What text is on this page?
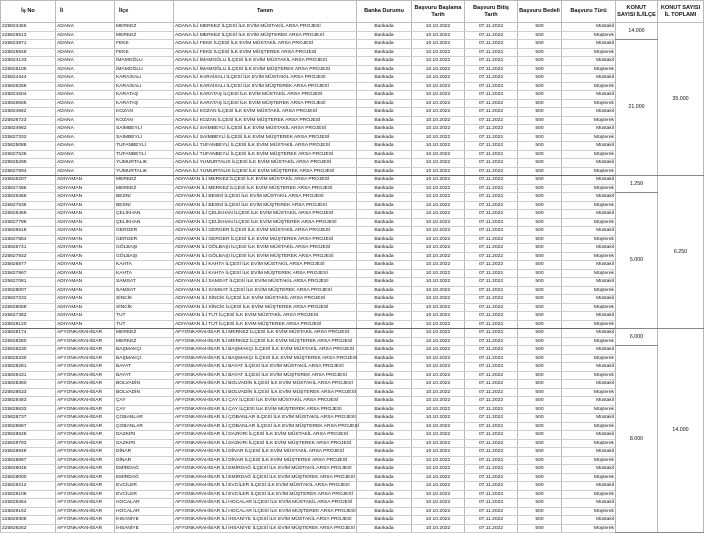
İş No	İl	İlçe	Tanım	Banka Durumu	Başvuru Başlama Tarih	Başvuru Bitiş Tarih	Başvuru Bedeli	Başvuru Türü	KONUT SAYISI İL/İLÇE	KONUT SAYISI İL TOPLAMI
225823456	ADANA	MERKEZ	ADANA İLİ MERKEZ İLÇESİ İLK EVİM MÜSTAKİL ARSA PROJESİ	Bankada	10.10.2022	07.11.2022	500	Müstakil	14.000	35.000
225825513	ADANA	MERKEZ	ADANA İLİ MERKEZ İLÇESİ İLK EVİM MÜŞTEREK ARSA PROJESİ	Bankada	10.10.2022	07.11.2022	500	Müşterek		
225823971	ADANA	FEKE	ADANA İLİ FEKE İLÇESİ İLK EVİM MÜSTAKİL ARSA PROJESİ	Bankada	10.10.2022	07.11.2022	500	Müstakil	21.000	
225825949	ADANA	FEKE	ADANA İLİ FEKE İLÇESİ İLK EVİM MÜŞTEREK ARSA PROJESİ	Bankada	10.10.2022	07.11.2022	500	Müşterek		
225824133	ADANA	İMAMOĞLU	ADANA İLİ İMAMOĞLU İLÇESİ İLK EVİM MÜSTAKİL ARSA PROJESİ	Bankada	10.10.2022	07.11.2022	500	Müstakil		
225826105	ADANA	İMAMOĞLU	ADANA İLİ İMAMOĞLU İLÇESİ İLK EVİM MÜŞTEREK ARSA PROJESİ	Bankada	10.10.2022	07.11.2022	500	Müşterek		
225824344	ADANA	KARAİSALI	ADANA İLİ KARAİSALI İLÇESİ İLK EVİM MÜSTAKİL ARSA PROJESİ	Bankada	10.10.2022	07.11.2022	500	Müstakil		
225826259	ADANA	KARAİSALI	ADANA İLİ KARAİSALI İLÇESİ İLK EVİM MÜŞTEREK ARSA PROJESİ	Bankada	10.10.2022	07.11.2022	500	Müşterek		
225824504	ADANA	KARATAŞ	ADANA İLİ KARATAŞ İLÇESİ İLK EVİM MÜSTAKİL ARSA PROJESİ	Bankada	10.10.2022	07.11.2022	500	Müstakil		
225826565	ADANA	KARATAŞ	ADANA İLİ KARATAŞ İLÇESİ İLK EVİM MÜŞTEREK ARSA PROJESİ	Bankada	10.10.2022	07.11.2022	500	Müşterek		
225824662	ADANA	KOZAN	ADANA İLİ KOZAN İLÇESİ İLK EVİM MÜSTAKİL ARSA PROJESİ	Bankada	10.10.2022	07.11.2022	500	Müstakil		
225826723	ADANA	KOZAN	ADANA İLİ KOZAN İLÇESİ İLK EVİM MÜŞTEREK ARSA PROJESİ	Bankada	10.10.2022	07.11.2022	500	Müşterek		
225824982	ADANA	SAİMBEYLİ	ADANA İLİ SAİMBEYLİ İLÇESİ İLK EVİM MÜSTAKİL ARSA PROJESİ	Bankada	10.10.2022	07.11.2022	500	Müstakil		
225827332	ADANA	SAİMBEYLİ	ADANA İLİ SAİMBEYLİ İLÇESİ İLK EVİM MÜŞTEREK ARSA PROJESİ	Bankada	10.10.2022	07.11.2022	500	Müşterek		
225825088	ADANA	TUFANBEYLİ	ADANA İLİ TUFANBEYLİ İLÇESİ İLK EVİM MÜSTAKİL ARSA PROJESİ	Bankada	10.10.2022	07.11.2022	500	Müstakil		
225827536	ADANA	TUFANBEYLİ	ADANA İLİ TUFANBEYLİ İLÇESİ İLK EVİM MÜŞTEREK ARSA PROJESİ	Bankada	10.10.2022	07.11.2022	500	Müşterek		
225825299	ADANA	YUMURTALIK	ADANA İLİ YUMURTALIK İLÇESİ İLK EVİM MÜSTAKİL ARSA PROJESİ	Bankada	10.10.2022	07.11.2022	500	Müstakil		
225827694	ADANA	YUMURTALIK	ADANA İLİ YUMURTALIK İLÇESİ İLK EVİM MÜŞTEREK ARSA PROJESİ	Bankada	10.10.2022	07.11.2022	500	Müşterek		
225826207	ADIYAMAN	MERKEZ	ADIYAMAN İLİ MERKEZ İLÇESİ İLK EVİM MÜSTAKİL ARSA PROJESİ	Bankada	10.10.2022	07.11.2022	500	Müstakil	1.250	6.250
225827486	ADIYAMAN	MERKEZ	ADIYAMAN İLİ MERKEZ İLÇESİ İLK EVİM MÜŞTEREK ARSA PROJESİ	Bankada	10.10.2022	07.11.2022	500	Müşterek		
225826368	ADIYAMAN	BESNİ	ADIYAMAN İLİ BESNİ İLÇESİ İLK EVİM MÜSTAKİL ARSA PROJESİ	Bankada	10.10.2022	07.11.2022	500	Müstakil	5.000	
225827636	ADIYAMAN	BESNİ	ADIYAMAN İLİ BESNİ İLÇESİ İLK EVİM MÜŞTEREK ARSA PROJESİ	Bankada	10.10.2022	07.11.2022	500	Müşterek		
225826459	ADIYAMAN	ÇELİKHAN	ADIYAMAN İLİ ÇELİKHAN İLÇESİ İLK EVİM MÜSTAKİL ARSA PROJESİ	Bankada	10.10.2022	07.11.2022	500	Müstakil		
225827799	ADIYAMAN	ÇELİKHAN	ADIYAMAN İLİ ÇELİKHAN İLÇESİ İLK EVİM MÜŞTEREK ARSA PROJESİ	Bankada	10.10.2022	07.11.2022	500	Müşterek		
225826618	ADIYAMAN	GERGER	ADIYAMAN İLİ GERGER İLÇESİ İLK EVİM MÜSTAKİL ARSA PROJESİ	Bankada	10.10.2022	07.11.2022	500	Müstakil		
225827854	ADIYAMAN	GERGER	ADIYAMAN İLİ GERGER İLÇESİ İLK EVİM MÜŞTEREK ARSA PROJESİ	Bankada	10.10.2022	07.11.2022	500	Müşterek		
225826741	ADIYAMAN	GÖLBAŞI	ADIYAMAN İLİ GÖLBAŞI İLÇESİ İLK EVİM MÜSTAKİL ARSA PROJESİ	Bankada	10.10.2022	07.11.2022	500	Müstakil		
225827932	ADIYAMAN	GÖLBAŞI	ADIYAMAN İLİ GÖLBAŞI İLÇESİ İLK EVİM MÜŞTEREK ARSA PROJESİ	Bankada	10.10.2022	07.11.2022	500	Müşterek		
225826877	ADIYAMAN	KAHTA	ADIYAMAN İLİ KAHTA İLÇESİ İLK EVİM MÜSTAKİL ARSA PROJESİ	Bankada	10.10.2022	07.11.2022	500	Müstakil		
225827967	ADIYAMAN	KAHTA	ADIYAMAN İLİ KAHTA İLÇESİ İLK EVİM MÜŞTEREK ARSA PROJESİ	Bankada	10.10.2022	07.11.2022	500	Müşterek		
225827081	ADIYAMAN	SAMSAT	ADIYAMAN İLİ SAMSAT İLÇESİ İLK EVİM MÜSTAKİL ARSA PROJESİ	Bankada	10.10.2022	07.11.2022	500	Müstakil		
225828007	ADIYAMAN	SAMSAT	ADIYAMAN İLİ SAMSAT İLÇESİ İLK EVİM MÜŞTEREK ARSA PROJESİ	Bankada	10.10.2022	07.11.2022	500	Müşterek		
225827232	ADIYAMAN	SİNCİK	ADIYAMAN İLİ SİNCİK İLÇESİ İLK EVİM MÜSTAKİL ARSA PROJESİ	Bankada	10.10.2022	07.11.2022	500	Müstakil		
225828069	ADIYAMAN	SİNCİK	ADIYAMAN İLİ SİNCİK İLÇESİ İLK EVİM MÜŞTEREK ARSA PROJESİ	Bankada	10.10.2022	07.11.2022	500	Müşterek		
225827382	ADIYAMAN	TUT	ADIYAMAN İLİ TUT İLÇESİ İLK EVİM MÜSTAKİL ARSA PROJESİ	Bankada	10.10.2022	07.11.2022	500	Müstakil		
225828120	ADIYAMAN	TUT	ADIYAMAN İLİ TUT İLÇESİ İLK EVİM MÜŞTEREK ARSA PROJESİ	Bankada	10.10.2022	07.11.2022	500	Müşterek		
225828174	AFYONKARAHİSAR	MERKEZ	AFYONKARAHİSAR İLİ MERKEZ İLÇESİ İLK EVİM MÜSTAKİL ARSA PROJESİ	Bankada	10.10.2022	07.11.2022	500	Müstakil	6.000	14.000
225828280	AFYONKARAHİSAR	MERKEZ	AFYONKARAHİSAR İLİ MERKEZ İLÇESİ İLK EVİM MÜŞTEREK ARSA PROJESİ	Bankada	10.10.2022	07.11.2022	500	Müşterek		
225828230	AFYONKARAHİSAR	BAŞMAKÇI	AFYONKARAHİSAR İLİ BAŞMAKÇI İLÇESİ İLK EVİM MÜSTAKİL ARSA PROJESİ	Bankada	10.10.2022	07.11.2022	500	Müstakil	8.000	
225828330	AFYONKARAHİSAR	BAŞMAKÇI	AFYONKARAHİSAR İLİ BAŞMAKÇI İLÇESİ İLK EVİM MÜŞTEREK ARSA PROJESİ	Bankada	10.10.2022	07.11.2022	500	Müşterek		
225828281	AFYONKARAHİSAR	BAYAT	AFYONKARAHİSAR İLİ BAYAT İLÇESİ İLK EVİM MÜSTAKİL ARSA PROJESİ	Bankada	10.10.2022	07.11.2022	500	Müstakil		
225828431	AFYONKARAHİSAR	BAYAT	AFYONKARAHİSAR İLİ BAYAT İLÇESİ İLK EVİM MÜŞTEREK ARSA PROJESİ	Bankada	10.10.2022	07.11.2022	500	Müşterek		
225828380	AFYONKARAHİSAR	BOLVADİN	AFYONKARAHİSAR İLİ BOLVADİN İLÇESİ İLK EVİM MÜSTAKİL ARSA PROJESİ	Bankada	10.10.2022	07.11.2022	500	Müstakil		
225828533	AFYONKARAHİSAR	BOLVADİN	AFYONKARAHİSAR İLİ BOLVADİN İLÇESİ İLK EVİM MÜŞTEREK ARSA PROJESİ	Bankada	10.10.2022	07.11.2022	500	Müşterek		
225828483	AFYONKARAHİSAR	ÇAY	AFYONKARAHİSAR İLİ ÇAY İLÇESİ İLK EVİM MÜSTAKİL ARSA PROJESİ	Bankada	10.10.2022	07.11.2022	500	Müstakil		
225828633	AFYONKARAHİSAR	ÇAY	AFYONKARAHİSAR İLİ ÇAY İLÇESİ İLK EVİM MÜŞTEREK ARSA PROJESİ	Bankada	10.10.2022	07.11.2022	500	Müşterek		
225828737	AFYONKARAHİSAR	ÇOBANLAR	AFYONKARAHİSAR İLİ ÇOBANLAR İLÇESİ İLK EVİM MÜSTAKİL ARSA PROJESİ	Bankada	10.10.2022	07.11.2022	500	Müstakil		
225828687	AFYONKARAHİSAR	ÇOBANLAR	AFYONKARAHİSAR İLİ ÇOBANLAR İLÇESİ İLK EVİM MÜŞTEREK ARSA PROJESİ	Bankada	10.10.2022	07.11.2022	500	Müşterek		
225828848	AFYONKARAHİSAR	DAZKIRI	AFYONKARAHİSAR İLİ DAZKIRI İLÇESİ İLK EVİM MÜSTAKİL ARSA PROJESİ	Bankada	10.10.2022	07.11.2022	500	Müstakil		
225828793	AFYONKARAHİSAR	DAZKIRI	AFYONKARAHİSAR İLİ DAZKIRI İLÇESİ İLK EVİM MÜŞTEREK ARSA PROJESİ	Bankada	10.10.2022	07.11.2022	500	Müşterek		
225828949	AFYONKARAHİSAR	DİNAR	AFYONKARAHİSAR İLİ DİNAR İLÇESİ İLK EVİM MÜSTAKİL ARSA PROJESİ	Bankada	10.10.2022	07.11.2022	500	Müstakil		
225828897	AFYONKARAHİSAR	DİNAR	AFYONKARAHİSAR İLİ DİNAR İLÇESİ İLK EVİM MÜŞTEREK ARSA PROJESİ	Bankada	10.10.2022	07.11.2022	500	Müşterek		
225829048	AFYONKARAHİSAR	EMİRDAĞ	AFYONKARAHİSAR İLİ EMİRDAĞ İLÇESİ İLK EVİM MÜSTAKİL ARSA PROJESİ	Bankada	10.10.2022	07.11.2022	500	Müstakil		
225829000	AFYONKARAHİSAR	EMİRDAĞ	AFYONKARAHİSAR İLİ EMİRDAĞ İLÇESİ İLK EVİM MÜŞTEREK ARSA PROJESİ	Bankada	10.10.2022	07.11.2022	500	Müşterek		
225829212	AFYONKARAHİSAR	EVCİLER	AFYONKARAHİSAR İLİ EVCİLER İLÇESİ İLK EVİM MÜSTAKİL ARSA PROJESİ	Bankada	10.10.2022	07.11.2022	500	Müstakil		
225829109	AFYONKARAHİSAR	EVCİLER	AFYONKARAHİSAR İLİ EVCİLER İLÇESİ İLK EVİM MÜŞTEREK ARSA PROJESİ	Bankada	10.10.2022	07.11.2022	500	Müşterek		
225829364	AFYONKARAHİSAR	HOCALAR	AFYONKARAHİSAR İLİ HOCALAR İLÇESİ İLK EVİM MÜSTAKİL ARSA PROJESİ	Bankada	10.10.2022	07.11.2022	500	Müstakil		
225829162	AFYONKARAHİSAR	HOCALAR	AFYONKARAHİSAR İLİ HOCALAR İLÇESİ İLK EVİM MÜŞTEREK ARSA PROJESİ	Bankada	10.10.2022	07.11.2022	500	Müşterek		
225829308	AFYONKARAHİSAR	İHSANİYE	AFYONKARAHİSAR İLİ İHSANİYE İLÇESİ İLK EVİM MÜSTAKİL ARSA PROJESİ	Bankada	10.10.2022	07.11.2022	500	Müstakil		
225829262	AFYONKARAHİSAR	İHSANİYE	AFYONKARAHİSAR İLİ İHSANİYE İLÇESİ İLK EVİM MÜŞTEREK ARSA PROJESİ	Bankada	10.10.2022	07.11.2022	500	Müşterek		
